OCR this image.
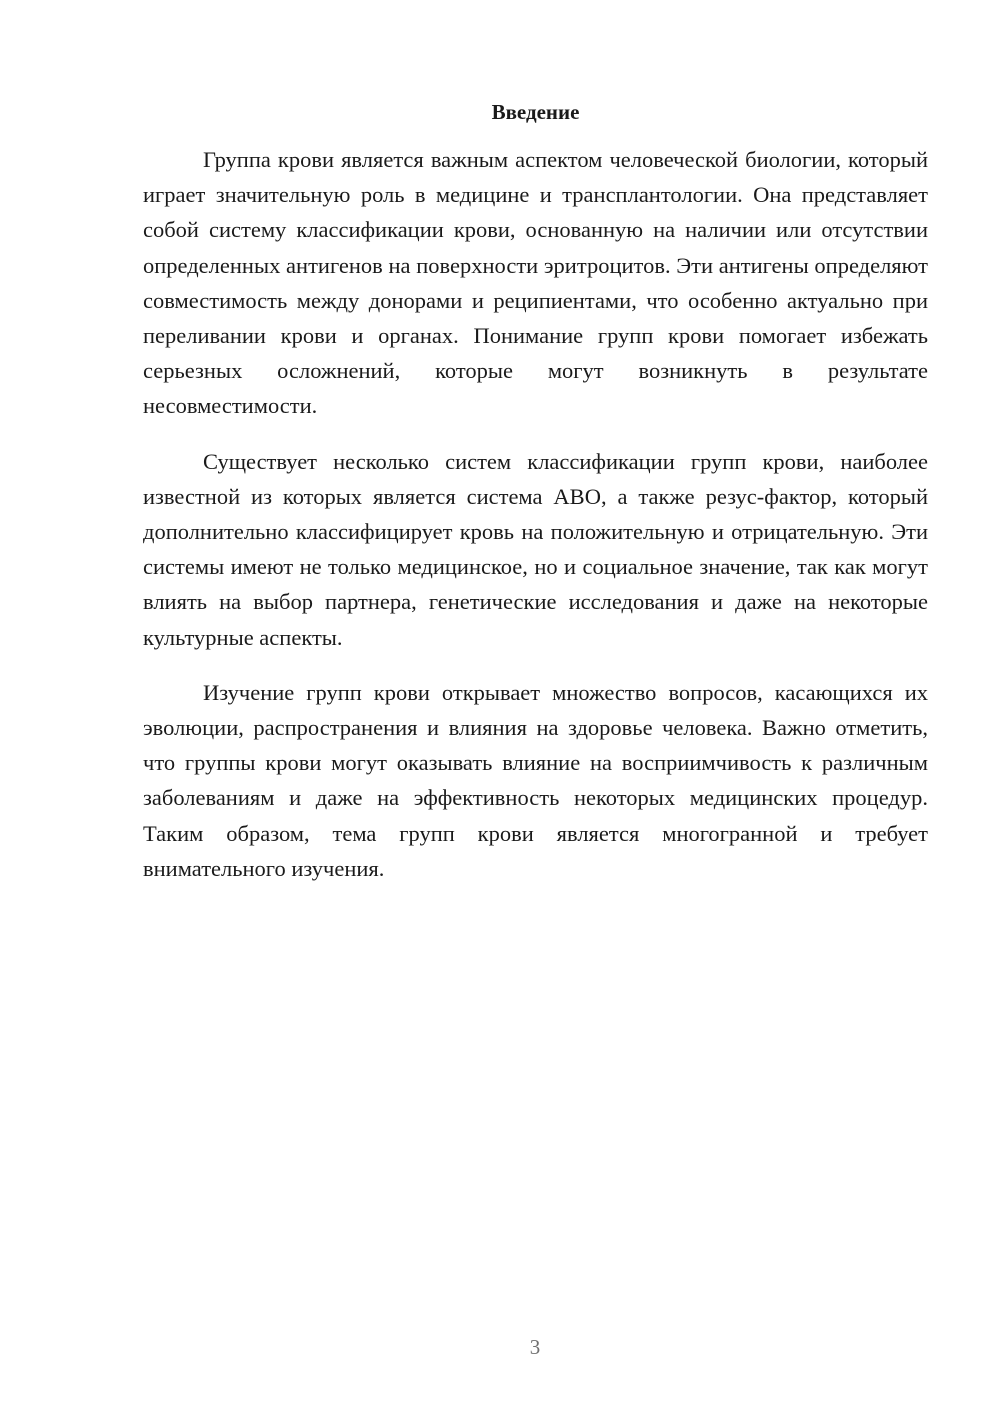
Введение

Группа крови является важным аспектом человеческой биологии, который играет значительную роль в медицине и трансплантологии. Она представляет собой систему классификации крови, основанную на наличии или отсутствии определенных антигенов на поверхности эритроцитов. Эти антигены определяют совместимость между донорами и реципиентами, что особенно актуально при переливании крови и органах. Понимание групп крови помогает избежать серьезных осложнений, которые могут возникнуть в результате несовместимости.

Существует несколько систем классификации групп крови, наиболее известной из которых является система ABO, а также резус-фактор, который дополнительно классифицирует кровь на положительную и отрицательную. Эти системы имеют не только медицинское, но и социальное значение, так как могут влиять на выбор партнера, генетические исследования и даже на некоторые культурные аспекты.

Изучение групп крови открывает множество вопросов, касающихся их эволюции, распространения и влияния на здоровье человека. Важно отметить, что группы крови могут оказывать влияние на восприимчивость к различным заболеваниям и даже на эффективность некоторых медицинских процедур. Таким образом, тема групп крови является многогранной и требует внимательного изучения.

3
